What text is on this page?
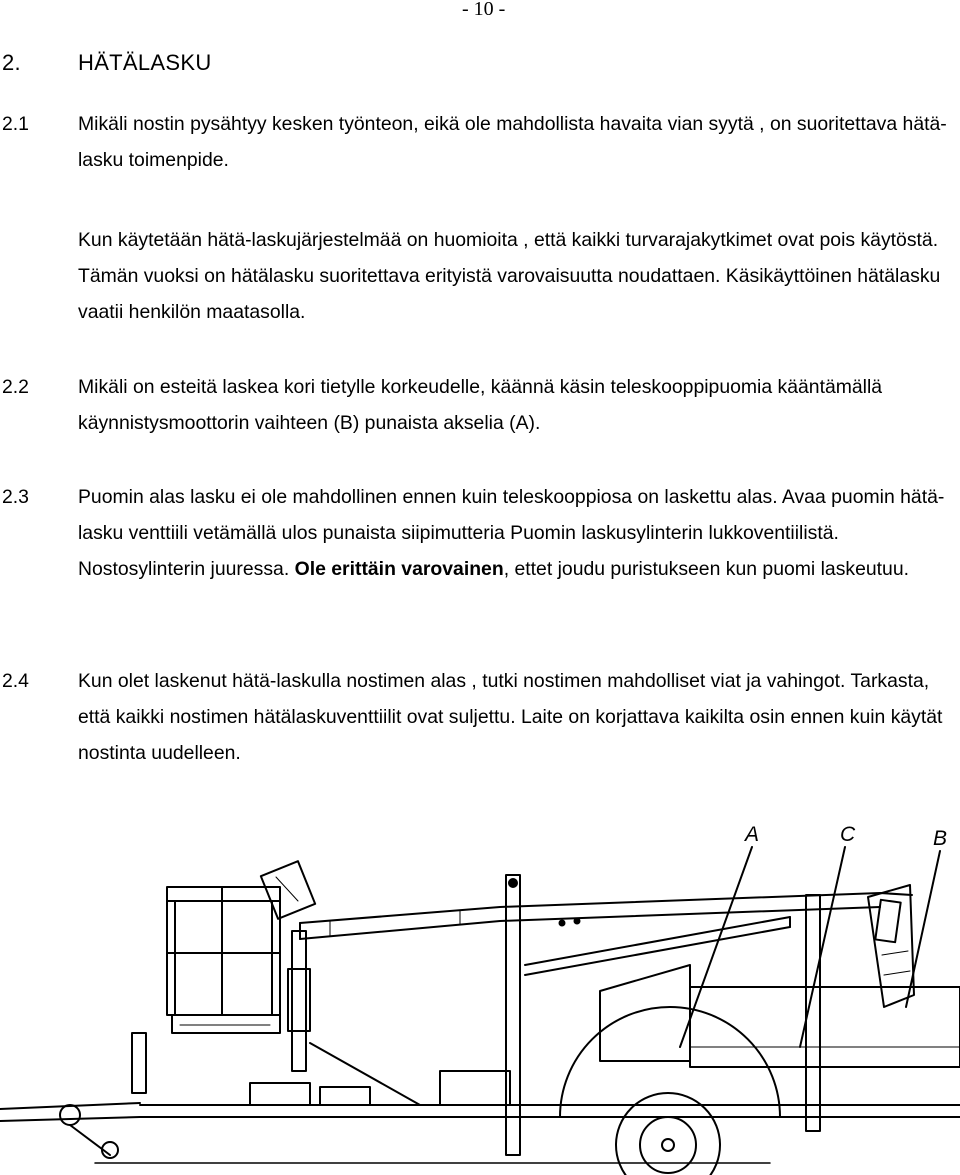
- 10 -
2.	HÄTÄLASKU
2.1	Mikäli nostin pysähtyy kesken työnteon, eikä ole mahdollista havaita vian syytä , on suoritettava hätä-lasku toimenpide.
Kun käytetään hätä-laskujärjestelmää on huomioita , että kaikki turvarajakytkimet ovat pois käytöstä. Tämän vuoksi on hätälasku suoritettava erityistä varovaisuutta noudattaen. Käsikäyttöinen hätälasku vaatii henkilön maatasolla.
2.2	Mikäli on esteitä laskea kori tietylle korkeudelle, käännä käsin teleskooppipuomia kääntämällä käynnistysmoottorin vaihteen (B) punaista akselia (A).
2.3	Puomin alas lasku ei ole mahdollinen ennen kuin teleskooppiosa on laskettu alas. Avaa puomin hätä-lasku venttiili vetämällä ulos punaista siipimutteria Puomin laskusylinterin lukkoventiilistä. Nostosylinterin juuressa. Ole erittäin varovainen, ettet joudu puristukseen kun puomi laskeutuu.
2.4	Kun olet laskenut hätä-laskulla nostimen alas , tutki nostimen mahdolliset viat ja vahingot. Tarkasta, että kaikki nostimen hätälaskuventtiilit ovat suljettu. Laite on korjattava kaikilta osin ennen kuin käytät nostinta uudelleen.
A	C	B
